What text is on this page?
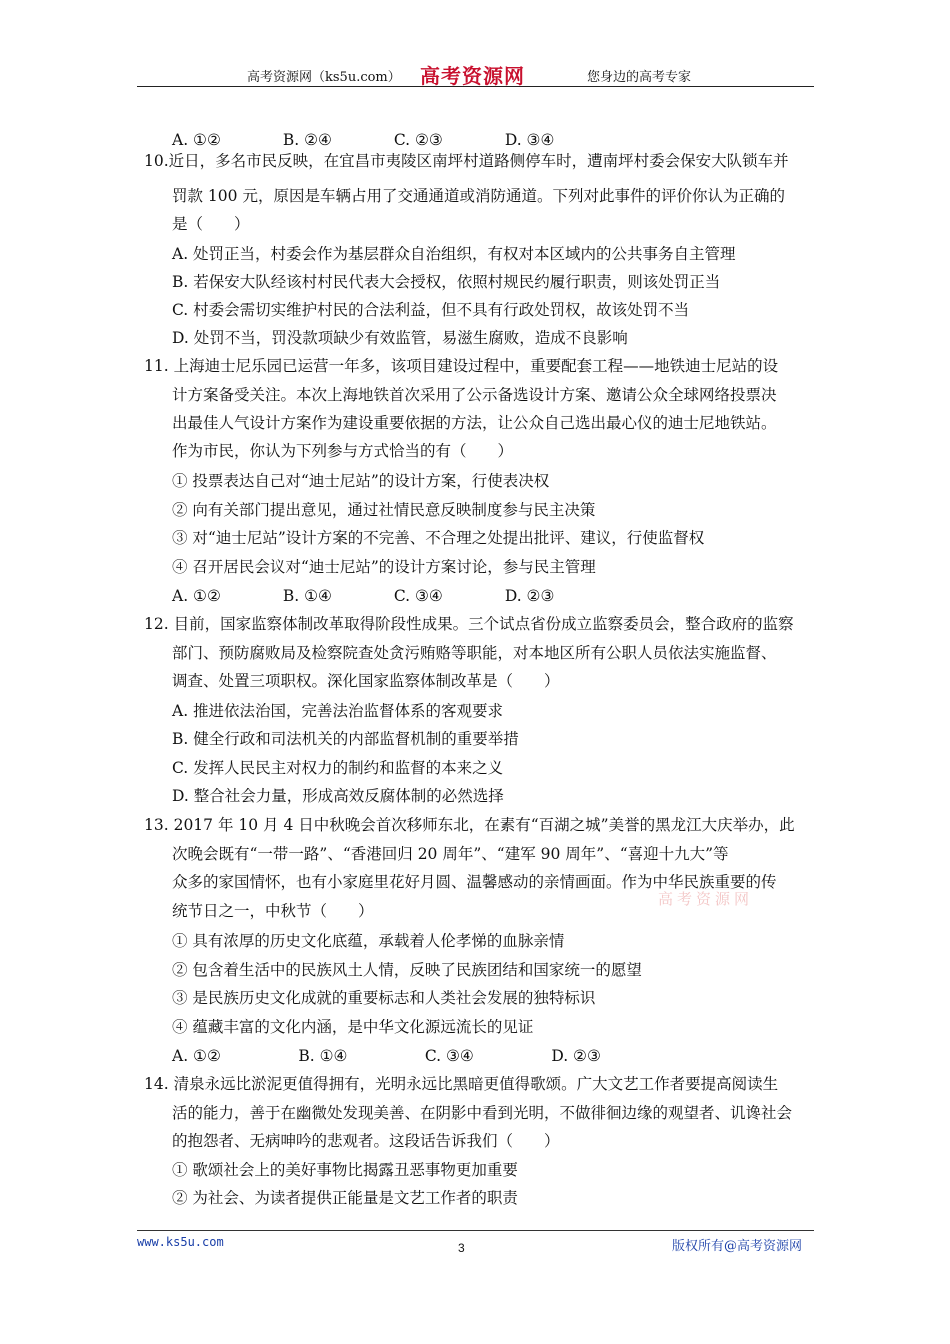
高考资源网（ks5u.com） 高考资源网	您身边的高考专家
A. ①②　　　　B. ②④　　　　C. ②③　　　　D. ③④
10.近日，多名市民反映，在宜昌市夷陵区南坪村道路侧停车时，遭南坪村委会保安大队锁车并
罚款 100 元，原因是车辆占用了交通通道或消防通道。下列对此事件的评价你认为正确的
是（　　）
A. 处罚正当，村委会作为基层群众自治组织，有权对本区域内的公共事务自主管理
B. 若保安大队经该村村民代表大会授权，依照村规民约履行职责，则该处罚正当
C. 村委会需切实维护村民的合法利益，但不具有行政处罚权，故该处罚不当
D. 处罚不当，罚没款项缺少有效监管，易滋生腐败，造成不良影响
11. 上海迪士尼乐园已运营一年多，该项目建设过程中，重要配套工程——地铁迪士尼站的设
计方案备受关注。本次上海地铁首次采用了公示备选设计方案、邀请公众全球网络投票决
出最佳人气设计方案作为建设重要依据的方法，让公众自己选出最心仪的迪士尼地铁站。
作为市民，你认为下列参与方式恰当的有（　　）
① 投票表达自己对“迪士尼站”的设计方案，行使表决权
② 向有关部门提出意见，通过社情民意反映制度参与民主决策
③ 对“迪士尼站”设计方案的不完善、不合理之处提出批评、建议，行使监督权
④ 召开居民会议对“迪士尼站”的设计方案讨论，参与民主管理
A. ①②　　　　B. ①④　　　　C. ③④　　　　D. ②③
12. 目前，国家监察体制改革取得阶段性成果。三个试点省份成立监察委员会，整合政府的监察
部门、预防腐败局及检察院查处贪污贿赂等职能，对本地区所有公职人员依法实施监督、
调查、处置三项职权。深化国家监察体制改革是（　　）
A. 推进依法治国，完善法治监督体系的客观要求
B. 健全行政和司法机关的内部监督机制的重要举措
C. 发挥人民民主对权力的制约和监督的本来之义
D. 整合社会力量，形成高效反腐体制的必然选择
13. 2017 年 10 月 4 日中秋晚会首次移师东北，在素有“百湖之城”美誉的黑龙江大庆举办，此
次晚会既有“一带一路”、“香港回归 20 周年”、“建军 90 周年”、“喜迎十九大”等
众多的家国情怀，也有小家庭里花好月圆、温馨感动的亲情画面。作为中华民族重要的传
统节日之一，中秋节（　　）
① 具有浓厚的历史文化底蕴，承载着人伦孝悌的血脉亲情
② 包含着生活中的民族风土人情，反映了民族团结和国家统一的愿望
③ 是民族历史文化成就的重要标志和人类社会发展的独特标识
④ 蕴藏丰富的文化内涵，是中华文化源远流长的见证
A. ①②　　　　　B. ①④　　　　　C. ③④　　　　　D. ②③
14. 清泉永远比淤泥更值得拥有，光明永远比黑暗更值得歌颂。广大文艺工作者要提高阅读生
活的能力，善于在幽微处发现美善、在阴影中看到光明，不做徘徊边缘的观望者、讥谗社会
的抱怨者、无病呻吟的悲观者。这段话告诉我们（　　）
① 歌颂社会上的美好事物比揭露丑恶事物更加重要
② 为社会、为读者提供正能量是文艺工作者的职责
高考资源网
www.ks5u.com	3	版权所有@高考资源网
